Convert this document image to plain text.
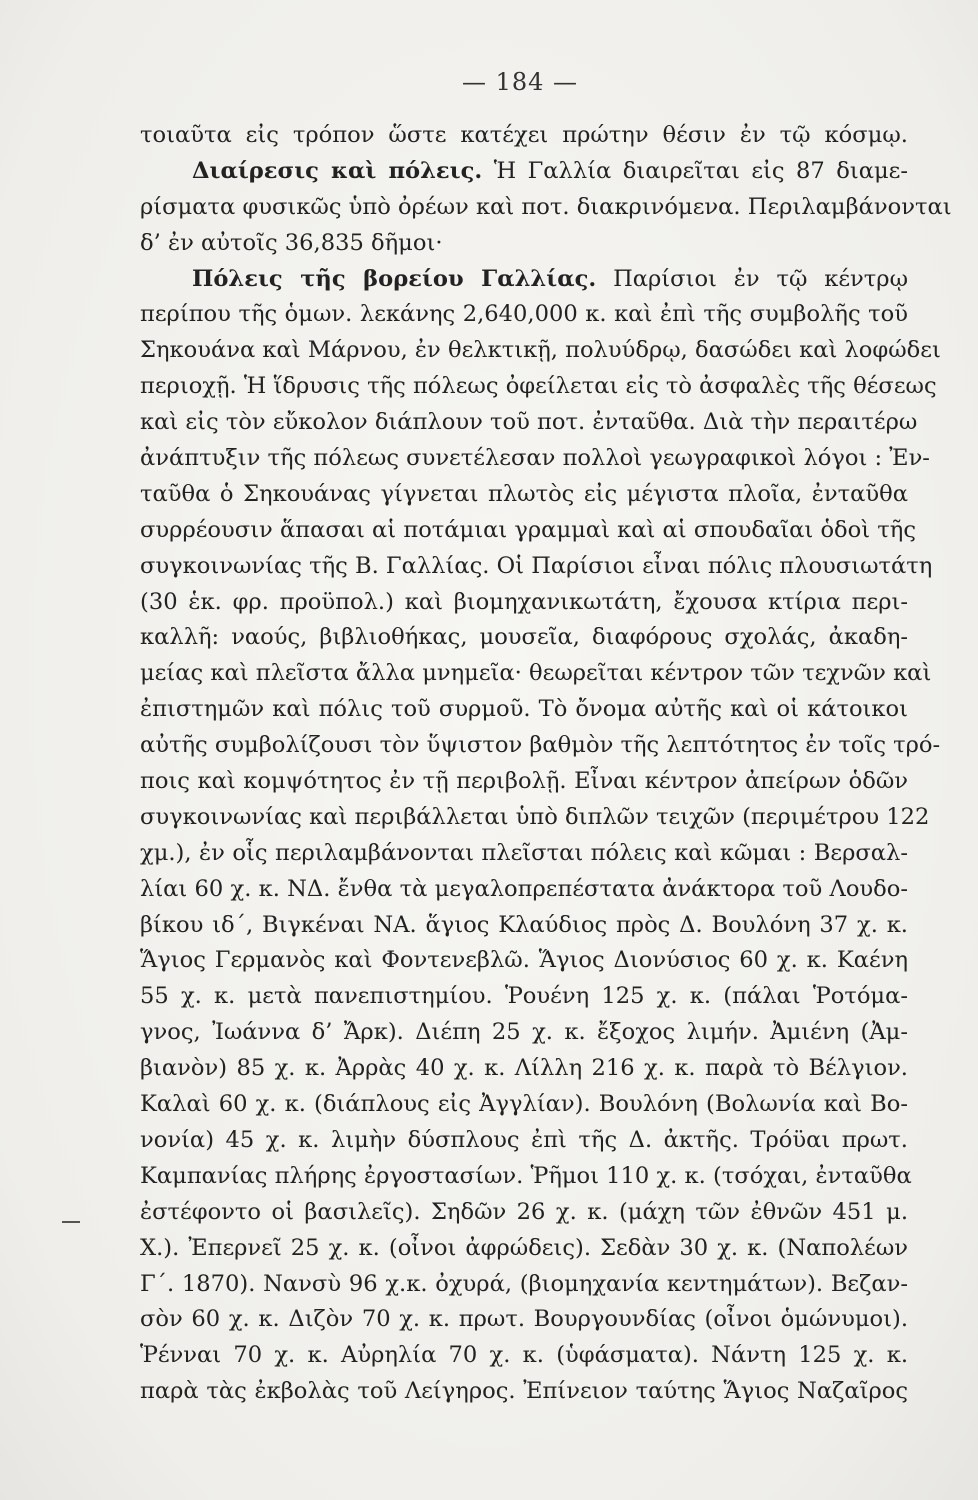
— 184 —
τοιαῦτα εἰς τρόπον ὥστε κατέχει πρώτην θέσιν ἐν τῷ κόσμῳ.
Διαίρεσις καὶ πόλεις. Ἡ Γαλλία διαιρεῖται εἰς 87 διαμε-
ρίσματα φυσικῶς ὑπὸ ὀρέων καὶ ποτ. διακρινόμενα. Περιλαμβάνονται
δ’ ἐν αὐτοῖς 36,835 δῆμοι·
Πόλεις τῆς βορείου Γαλλίας. Παρίσιοι ἐν τῷ κέντρῳ
περίπου τῆς ὁμων. λεκάνης 2,640,000 κ. καὶ ἐπὶ τῆς συμβολῆς τοῦ
Σηκουάνα καὶ Μάρνου, ἐν θελκτικῇ, πολυύδρῳ, δασώδει καὶ λοφώδει
περιοχῇ. Ἡ ἵδρυσις τῆς πόλεως ὀφείλεται εἰς τὸ ἀσφαλὲς τῆς θέσεως
καὶ εἰς τὸν εὔκολον διάπλουν τοῦ ποτ. ἐνταῦθα. Διὰ τὴν περαιτέρω
ἀνάπτυξιν τῆς πόλεως συνετέλεσαν πολλοὶ γεωγραφικοὶ λόγοι : Ἐν-
ταῦθα ὁ Σηκουάνας γίγνεται πλωτὸς εἰς μέγιστα πλοῖα, ἐνταῦθα
συρρέουσιν ἅπασαι αἱ ποτάμιαι γραμμαὶ καὶ αἱ σπουδαῖαι ὁδοὶ τῆς
συγκοινωνίας τῆς Β. Γαλλίας. Οἱ Παρίσιοι εἶναι πόλις πλουσιωτάτη
(30 ἑκ. φρ. προϋπολ.) καὶ βιομηχανικωτάτη, ἔχουσα κτίρια περι-
καλλῆ: ναούς, βιβλιοθήκας, μουσεῖα, διαφόρους σχολάς, ἀκαδη-
μείας καὶ πλεῖστα ἄλλα μνημεῖα· θεωρεῖται κέντρον τῶν τεχνῶν καὶ
ἐπιστημῶν καὶ πόλις τοῦ συρμοῦ. Τὸ ὄνομα αὐτῆς καὶ οἱ κάτοικοι
αὐτῆς συμβολίζουσι τὸν ὕψιστον βαθμὸν τῆς λεπτότητος ἐν τοῖς τρό-
ποις καὶ κομψότητος ἐν τῇ περιβολῇ. Εἶναι κέντρον ἀπείρων ὁδῶν
συγκοινωνίας καὶ περιβάλλεται ὑπὸ διπλῶν τειχῶν (περιμέτρου 122
χμ.), ἐν οἷς περιλαμβάνονται πλεῖσται πόλεις καὶ κῶμαι : Βερσαλ-
λίαι 60 χ. κ. ΝΔ. ἔνθα τὰ μεγαλοπρεπέστατα ἀνάκτορα τοῦ Λουδο-
βίκου ιδ΄, Βιγκέναι ΝΑ. ἅγιος Κλαύδιος πρὸς Δ. Βουλόνη 37 χ. κ.
Ἅγιος Γερμανὸς καὶ Φοντενεβλῶ. Ἅγιος Διονύσιος 60 χ. κ. Καένη
55 χ. κ. μετὰ πανεπιστημίου. Ῥουένη 125 χ. κ. (πάλαι Ῥοτόμα-
γνος, Ἰωάννα δ’ Ἄρκ). Διέπη 25 χ. κ. ἔξοχος λιμήν. Ἀμιένη (Ἀμ-
βιανὸν) 85 χ. κ. Ἀρρὰς 40 χ. κ. Λίλλη 216 χ. κ. παρὰ τὸ Βέλγιον.
Καλαὶ 60 χ. κ. (διάπλους εἰς Ἀγγλίαν). Βουλόνη (Βολωνία καὶ Βο-
νονία) 45 χ. κ. λιμὴν δύσπλους ἐπὶ τῆς Δ. ἀκτῆς. Τρόϋαι πρωτ.
Καμπανίας πλήρης ἐργοστασίων. Ῥῆμοι 110 χ. κ. (τσόχαι, ἐνταῦθα
ἐστέφοντο οἱ βασιλεῖς). Σηδῶν 26 χ. κ. (μάχη τῶν ἐθνῶν 451 μ.
Χ.). Ἐπερνεῖ 25 χ. κ. (οἶνοι ἀφρώδεις). Σεδὰν 30 χ. κ. (Ναπολέων
Γ΄. 1870). Νανσὺ 96 χ.κ. ὀχυρά, (βιομηχανία κεντημάτων). Βεζαν-
σὸν 60 χ. κ. Διζὸν 70 χ. κ. πρωτ. Βουργουνδίας (οἶνοι ὁμώνυμοι).
Ῥένναι 70 χ. κ. Αὐρηλία 70 χ. κ. (ὑφάσματα). Νάντη 125 χ. κ.
παρὰ τὰς ἐκβολὰς τοῦ Λείγηρος. Ἐπίνειον ταύτης Ἅγιος Ναζαῖρος
